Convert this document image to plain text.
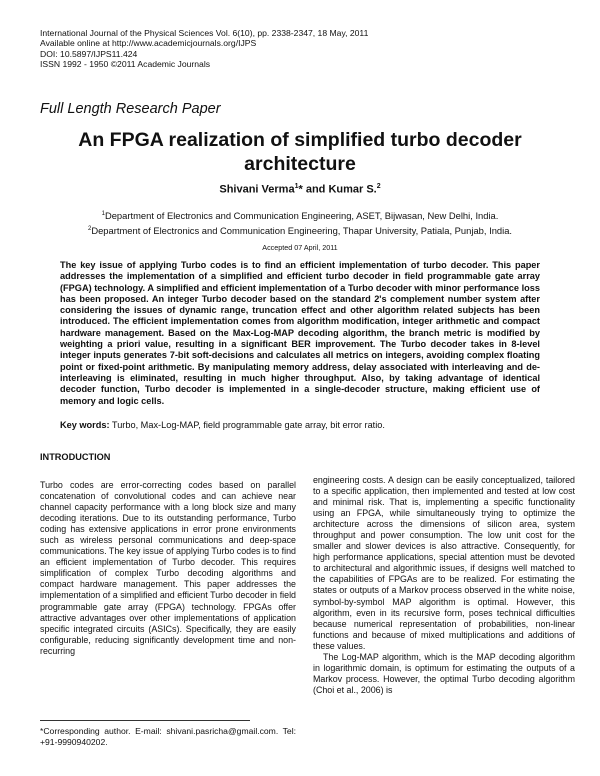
International Journal of the Physical Sciences Vol. 6(10), pp. 2338-2347, 18 May, 2011
Available online at http://www.academicjournals.org/IJPS
DOI: 10.5897/IJPS11.424
ISSN 1992 - 1950 ©2011 Academic Journals
Full Length Research Paper
An FPGA realization of simplified turbo decoder
architecture
Shivani Verma$^1$* and Kumar S.$^2$
$^1$Department of Electronics and Communication Engineering, ASET, Bijwasan, New Delhi, India.
$^2$Department of Electronics and Communication Engineering, Thapar University, Patiala, Punjab, India.
Accepted 07 April, 2011
The key issue of applying Turbo codes is to find an efficient implementation of turbo decoder. This paper addresses the implementation of a simplified and efficient turbo decoder in field programmable gate array (FPGA) technology. A simplified and efficient implementation of a Turbo decoder with minor performance loss has been proposed. An integer Turbo decoder based on the standard 2's complement number system after considering the issues of dynamic range, truncation effect and other algorithm related subjects has been introduced. The efficient implementation comes from algorithm modification, integer arithmetic and compact hardware management. Based on the Max-Log-MAP decoding algorithm, the branch metric is modified by weighting a priori value, resulting in a significant BER improvement. The Turbo decoder takes in 8-level integer inputs generates 7-bit soft-decisions and calculates all metrics on integers, avoiding complex floating point or fixed-point arithmetic. By manipulating memory address, delay associated with interleaving and de-interleaving is eliminated, resulting in much higher throughput. Also, by taking advantage of identical decoder function, Turbo decoder is implemented in a single-decoder structure, making efficient use of memory and logic cells.
Key words: Turbo, Max-Log-MAP, field programmable gate array, bit error ratio.
INTRODUCTION
Turbo codes are error-correcting codes based on parallel concatenation of convolutional codes and can achieve near channel capacity performance with a long block size and many decoding iterations. Due to its outstanding performance, Turbo coding has extensive applications in error prone environments such as wireless personal communications and deep-space communications. The key issue of applying Turbo codes is to find an efficient implementation of Turbo decoder. This requires simplification of complex Turbo decoding algorithms and compact hardware management. This paper addresses the implementation of a simplified and efficient Turbo decoder in field programmable gate array (FPGA) technology. FPGAs offer attractive advantages over other implementations of application specific integrated circuits (ASICs). Specifically, they are easily configurable, reducing significantly development time and non-recurring
engineering costs. A design can be easily conceptualized, tailored to a specific application, then implemented and tested at low cost and minimal risk. That is, implementing a specific functionality using an FPGA, while simultaneously trying to optimize the architecture across the dimensions of silicon area, system throughput and power consumption. The low unit cost for the smaller and slower devices is also attractive. Consequently, for high performance applications, special attention must be devoted to architectural and algorithmic issues, if designs well matched to the capabilities of FPGAs are to be realized. For estimating the states or outputs of a Markov process observed in the white noise, symbol-by-symbol MAP algorithm is optimal. However, this algorithm, even in its recursive form, poses technical difficulties because numerical representation of probabilities, non-linear functions and because of mixed multiplications and additions of these values.
The Log-MAP algorithm, which is the MAP decoding algorithm in logarithmic domain, is optimum for estimating the outputs of a Markov process. However, the optimal Turbo decoding algorithm (Choi et al., 2006) is
*Corresponding author. E-mail: shivani.pasricha@gmail.com. Tel: +91-9990940202.
